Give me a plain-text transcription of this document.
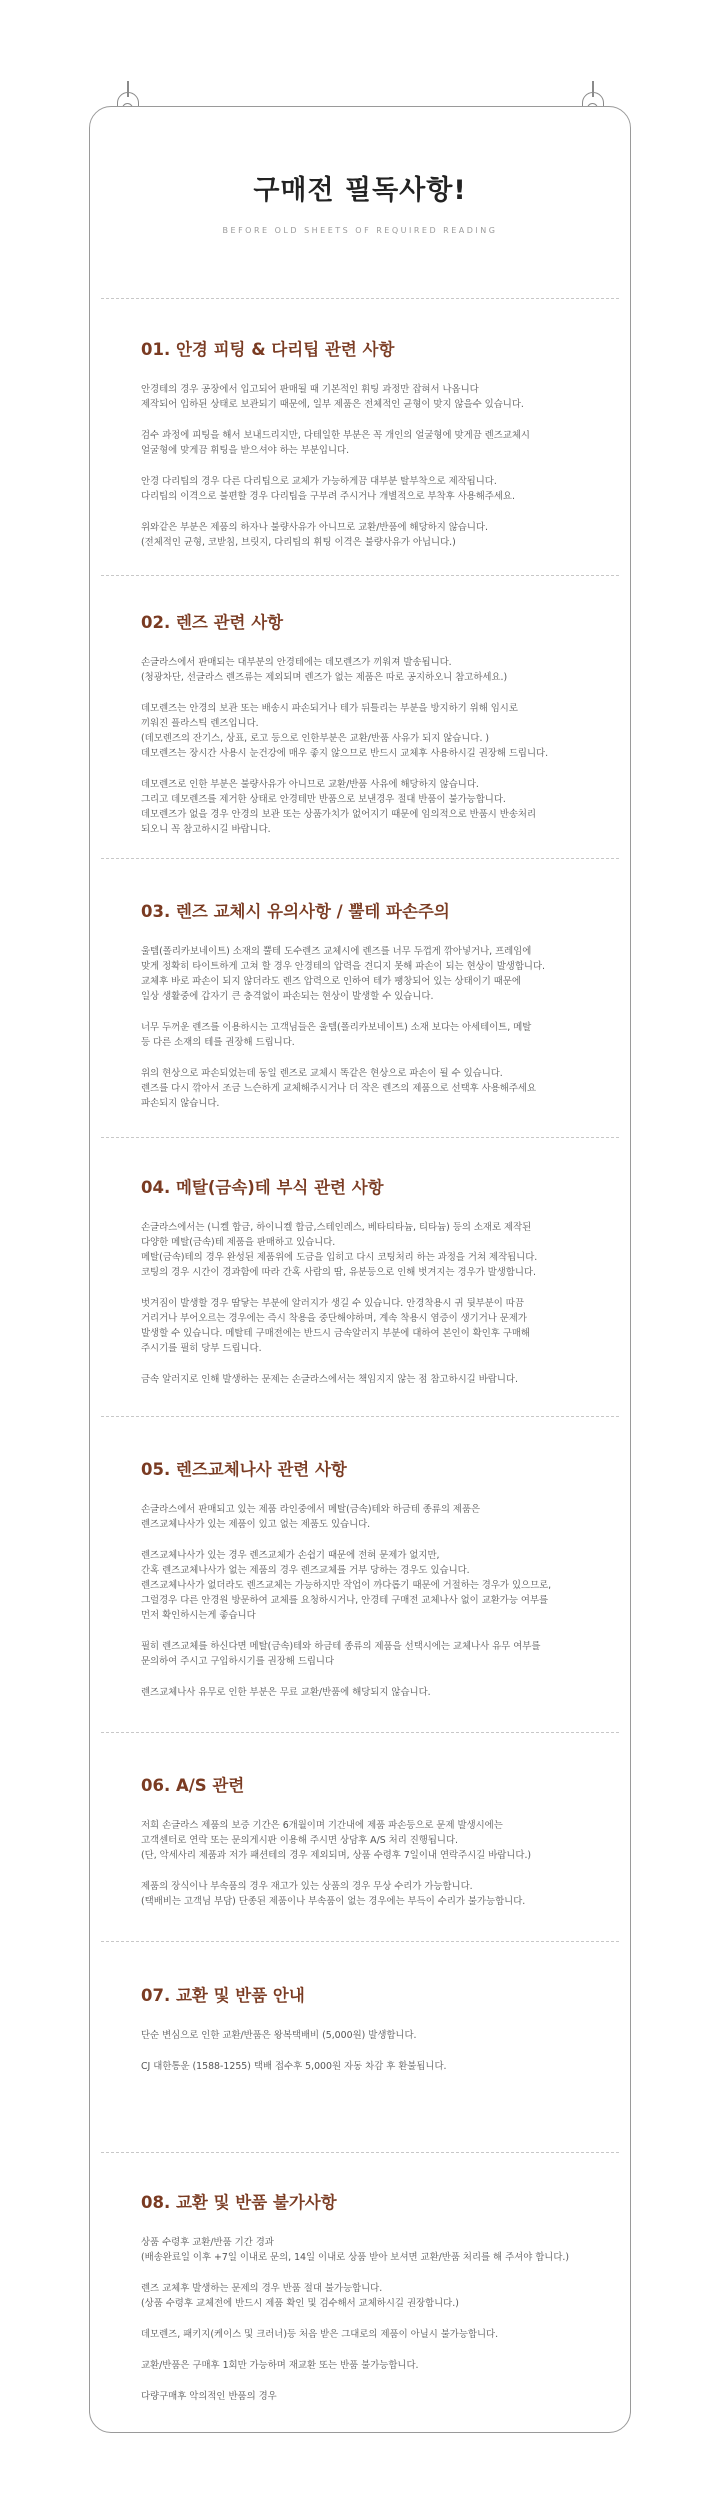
구매전 필독사항!
BEFORE OLD SHEETS OF REQUIRED READING
01. 안경 피팅 & 다리팁 관련 사항

안경테의 경우 공장에서 입고되어 판매될 때 기본적인 휘팅 과정만 잡혀서 나옵니다
제작되어 입하된 상태로 보관되기 때문에, 일부 제품은 전체적인 균형이 맞지 않을수 있습니다.

검수 과정에 피팅을 해서 보내드리지만, 다테일한 부분은 꼭 개인의 얼굴형에 맞게끔 렌즈교체시
얼굴형에 맞게끔 휘팅을 받으셔야 하는 부분입니다.

안경 다리팁의 경우 다른 다리팁으로 교체가 가능하게끔 대부분 탈부착으로 제작됩니다.
다리팁의 이격으로 불편할 경우 다리팁을 구부려 주시거나 개별적으로 부착후 사용해주세요.

위와같은 부분은 제품의 하자나 불량사유가 아니므로 교환/반품에 해당하지 않습니다.
(전체적인 균형, 코받침, 브릿지, 다리팁의 휘팅 이격은 불량사유가 아닙니다.)

02. 렌즈 관련 사항

손글라스에서 판매되는 대부분의 안경테에는 데모렌즈가 끼워져 발송됩니다.
(청광차단, 선글라스 렌즈류는 제외되며 렌즈가 없는 제품은 따로 공지하오니 참고하세요.)

데모렌즈는 안경의 보관 또는 배송시 파손되거나 테가 뒤틀리는 부분을 방지하기 위해 임시로
끼워진 플라스틱 렌즈입니다.
(데모렌즈의 잔기스, 상표, 로고 등으로 인한부분은 교환/반품 사유가 되지 않습니다. )
데모렌즈는 장시간 사용시 눈건강에 매우 좋지 않으므로 반드시 교체후 사용하시길 권장해 드립니다.

데모렌즈로 인한 부분은 불량사유가 아니므로 교환/반품 사유에 해당하지 않습니다.
그리고 데모렌즈를 제거한 상태로 안경테만 반품으로 보낸경우 절대 반품이 불가능합니다.
데모렌즈가 없을 경우 안경의 보관 또는 상품가치가 없어지기 때문에 임의적으로 반품시 반송처리
되오니 꼭 참고하시길 바랍니다.

03. 렌즈 교체시 유의사항 / 뿔테 파손주의

울템(폴리카보네이트) 소재의 뿔테 도수렌즈 교체시에 렌즈를 너무 두껍게 깎아넣거나, 프레임에
맞게 정확히 타이트하게 고쳐 할 경우 안경테의 압력을 견디지 못해 파손이 되는 현상이 발생합니다.
교체후 바로 파손이 되지 않더라도 렌즈 압력으로 인하여 테가 팽창되어 있는 상태이기 때문에
일상 생활중에 갑자기 큰 충격없이 파손되는 현상이 발생할 수 있습니다.

너무 두꺼운 렌즈를 이용하시는 고객님들은 울템(폴리카보네이트) 소재 보다는 아세테이트, 메탈
등 다른 소재의 테를 권장해 드립니다.

위의 현상으로 파손되었는데 동일 렌즈로 교체시 똑같은 현상으로 파손이 될 수 있습니다.
렌즈를 다시 깎아서 조금 느슨하게 교체해주시거나 더 작은 렌즈의 제품으로 선택후 사용해주세요
파손되지 않습니다.

04. 메탈(금속)테 부식 관련 사항

손글라스에서는 (니켈 합금, 하이니켈 합금,스테인레스, 베타티타늄, 티타늄) 등의 소재로 제작된
다양한 메탈(금속)테 제품을 판매하고 있습니다.
메탈(금속)테의 경우 완성된 제품위에 도금을 입히고 다시 코팅처리 하는 과정을 거쳐 제작됩니다.
코팅의 경우 시간이 경과함에 따라 간혹 사람의 땀, 유분등으로 인해 벗겨지는 경우가 발생합니다.

벗겨짐이 발생할 경우 땀닿는 부분에 알러지가 생길 수 있습니다. 안경착용시 귀 뒷부분이 따끔
거리거나 부어오르는 경우에는 즉시 착용을 중단해야하며, 계속 착용시 염증이 생기거나 문제가
발생할 수 있습니다. 메탈테 구매전에는 반드시 금속알러지 부분에 대하여 본인이 확인후 구매해
주시기를 필히 당부 드립니다.

금속 알러지로 인해 발생하는 문제는 손글라스에서는 책임지지 않는 점 참고하시길 바랍니다.

05. 렌즈교체나사 관련 사항

손글라스에서 판매되고 있는 제품 라인중에서 메탈(금속)테와 하금테 종류의 제품은
렌즈교체나사가 있는 제품이 있고 없는 제품도 있습니다.

렌즈교체나사가 있는 경우 렌즈교체가 손쉽기 때문에 전혀 문제가 없지만,
간혹 렌즈교체나사가 없는 제품의 경우 렌즈교체를 거부 당하는 경우도 있습니다.
렌즈교체나사가 없더라도 렌즈교체는 가능하지만 작업이 까다롭기 때문에 거절하는 경우가 있으므로,
그럴경우 다른 안경원 방문하여 교체를 요청하시거나, 안경테 구매전 교체나사 없이 교환가능 여부를
먼저 확인하시는게 좋습니다

필히 렌즈교체를 하신다면 메탈(금속)테와 하금테 종류의 제품을 선택시에는 교체나사 유무 여부를
문의하여 주시고 구입하시기를 권장해 드립니다

렌즈교체나사 유무로 인한 부분은 무료 교환/반품에 해당되지 않습니다.

06. A/S 관련

저희 손글라스 제품의 보증 기간은 6개월이며 기간내에 제품 파손등으로 문제 발생시에는
고객센터로 연락 또는 문의게시판 이용해 주시면 상담후 A/S 처리 진행됩니다.
(단, 악세사리 제품과 저가 패션테의 경우 제외되며, 상품 수령후 7일이내 연락주시길 바랍니다.)

제품의 장식이나 부속품의 경우 재고가 있는 상품의 경우 무상 수리가 가능합니다.
(택배비는 고객님 부담) 단종된 제품이나 부속품이 없는 경우에는 부득이 수리가 불가능합니다.

07. 교환 및 반품 안내

단순 변심으로 인한 교환/반품은 왕복택배비 (5,000원) 발생합니다.

CJ 대한통운 (1588-1255) 택배 접수후 5,000원 자동 차감 후 환불됩니다.

08. 교환 및 반품 불가사항

상품 수령후 교환/반품 기간 경과
(배송완료일 이후 +7일 이내로 문의, 14일 이내로 상품 받아 보셔면 교환/반품 처리를 해 주셔야 합니다.)

렌즈 교체후 발생하는 문제의 경우 반품 절대 불가능합니다.
(상품 수령후 교체전에 반드시 제품 확인 및 검수해서 교체하시길 권장합니다.)

데모렌즈, 패키지(케이스 및 크러너)등 처음 받은 그대로의 제품이 아닐시 불가능합니다.

교환/반품은 구매후 1회만 가능하며 재교환 또는 반품 불가능합니다.

다량구매후 악의적인 반품의 경우
